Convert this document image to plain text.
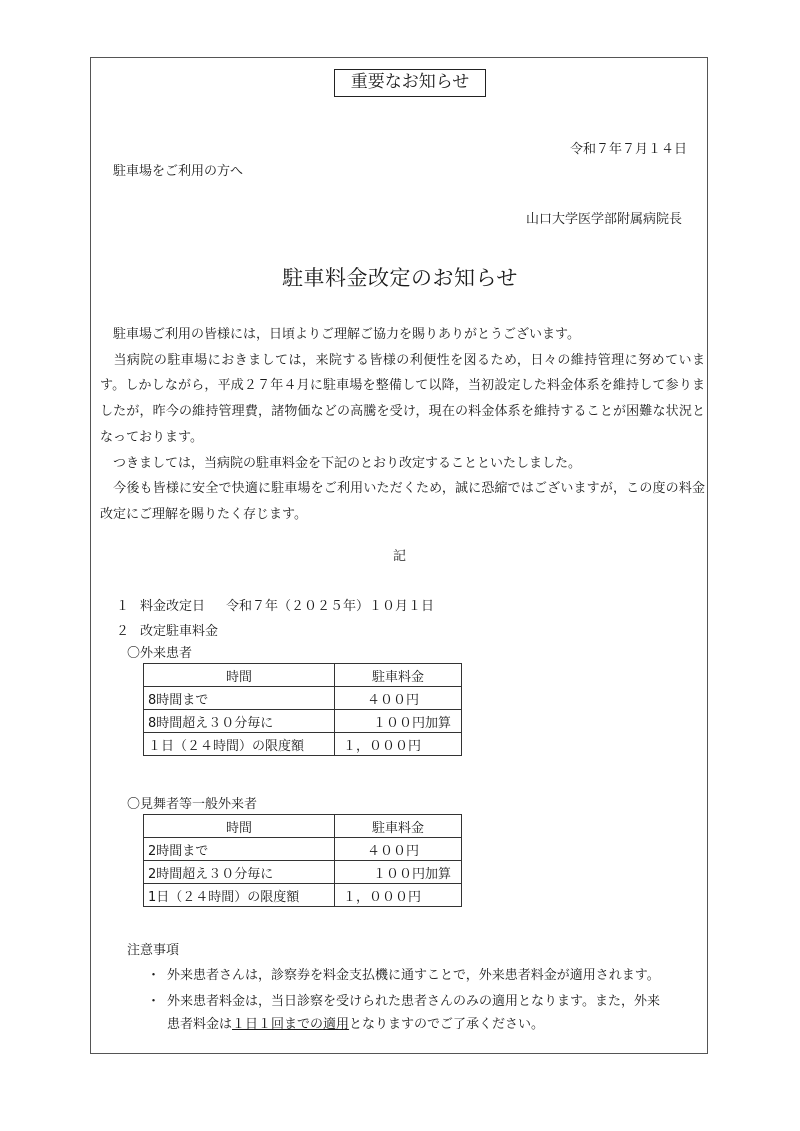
重要なお知らせ
令和７年７月１４日
駐車場をご利用の方へ
山口大学医学部附属病院長
駐車料金改定のお知らせ

　駐車場ご利用の皆様には，日頃よりご理解ご協力を賜りありがとうございます。

　当病院の駐車場におきましては，来院する皆様の利便性を図るため，日々の維持管理に努めています。しかしながら，平成２７年４月に駐車場を整備して以降，当初設定した料金体系を維持して参りましたが，昨今の維持管理費，諸物価などの高騰を受け，現在の料金体系を維持することが困難な状況となっております。

　つきましては，当病院の駐車料金を下記のとおり改定することといたしました。

　今後も皆様に安全で快適に駐車場をご利用いただくため，誠に恐縮ではございますが，この度の料金改定にご理解を賜りたく存じます。

記
１ 料金改定日 令和７年（２０２５年）１０月１日
２ 改定駐車料金
〇外来患者
時間	駐車料金
8時間まで	４００円
8時間超え３０分毎に	１００円加算
１日（２４時間）の限度額	１，０００円
〇見舞者等一般外来者
時間	駐車料金
2時間まで	４００円
2時間超え３０分毎に	１００円加算
1日（２４時間）の限度額	１，０００円
注意事項
・ 外来患者さんは，診察券を料金支払機に通すことで，外来患者料金が適用されます。
・ 外来患者料金は，当日診察を受けられた患者さんのみの適用となります。また，外来
患者料金は１日１回までの適用となりますのでご了承ください。
